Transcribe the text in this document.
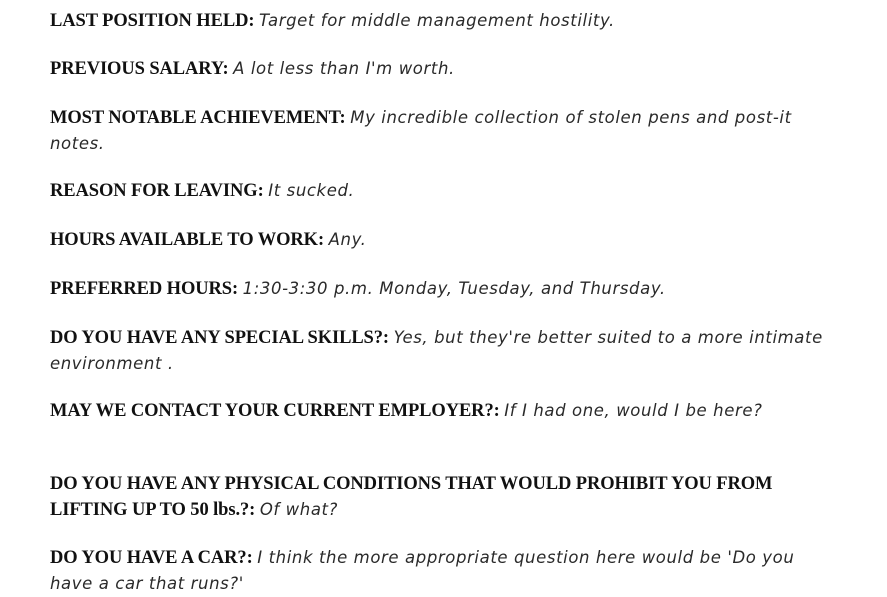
LAST POSITION HELD: Target for middle management hostility.
PREVIOUS SALARY: A lot less than I'm worth.
MOST NOTABLE ACHIEVEMENT: My incredible collection of stolen pens and post-it notes.
REASON FOR LEAVING: It sucked.
HOURS AVAILABLE TO WORK: Any.
PREFERRED HOURS: 1:30-3:30 p.m. Monday, Tuesday, and Thursday.
DO YOU HAVE ANY SPECIAL SKILLS?: Yes, but they're better suited to a more intimate environment .
MAY WE CONTACT YOUR CURRENT EMPLOYER?: If I had one, would I be here?
DO YOU HAVE ANY PHYSICAL CONDITIONS THAT WOULD PROHIBIT YOU FROM LIFTING UP TO 50 lbs.?: Of what?
DO YOU HAVE A CAR?: I think the more appropriate question here would be 'Do you have a car that runs?'
